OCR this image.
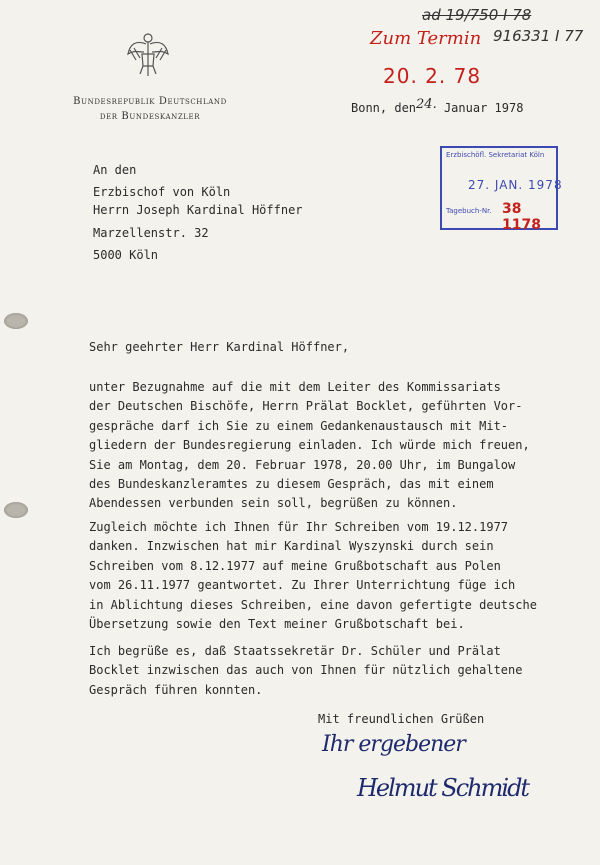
Bundesrepublik Deutschland
der Bundeskanzler
ad 19/750 I 78
916331 I 77
Zum Termin
20. 2. 78
Bonn, den24. Januar 1978
An den
Erzbischof von Köln
Herrn Joseph Kardinal Höffner
Marzellenstr. 32
5000 Köln
Erzbischöfl. Sekretariat Köln
27. JAN. 1978
Tagebuch-Nr. 38 1178
Sehr geehrter Herr Kardinal Höffner,
unter Bezugnahme auf die mit dem Leiter des Kommissariats
der Deutschen Bischöfe, Herrn Prälat Bocklet, geführten Vor-
gespräche darf ich Sie zu einem Gedankenaustausch mit Mit-
gliedern der Bundesregierung einladen. Ich würde mich freuen,
Sie am Montag, dem 20. Februar 1978, 20.00 Uhr, im Bungalow
des Bundeskanzleramtes zu diesem Gespräch, das mit einem
Abendessen verbunden sein soll, begrüßen zu können.
Zugleich möchte ich Ihnen für Ihr Schreiben vom 19.12.1977
danken. Inzwischen hat mir Kardinal Wyszynski durch sein
Schreiben vom 8.12.1977 auf meine Grußbotschaft aus Polen
vom 26.11.1977 geantwortet. Zu Ihrer Unterrichtung füge ich
in Ablichtung dieses Schreiben, eine davon gefertigte deutsche
Übersetzung sowie den Text meiner Grußbotschaft bei.
Ich begrüße es, daß Staatssekretär Dr. Schüler und Prälat
Bocklet inzwischen das auch von Ihnen für nützlich gehaltene
Gespräch führen konnten.
Mit freundlichen Grüßen
Ihr ergebener
Helmut Schmidt
